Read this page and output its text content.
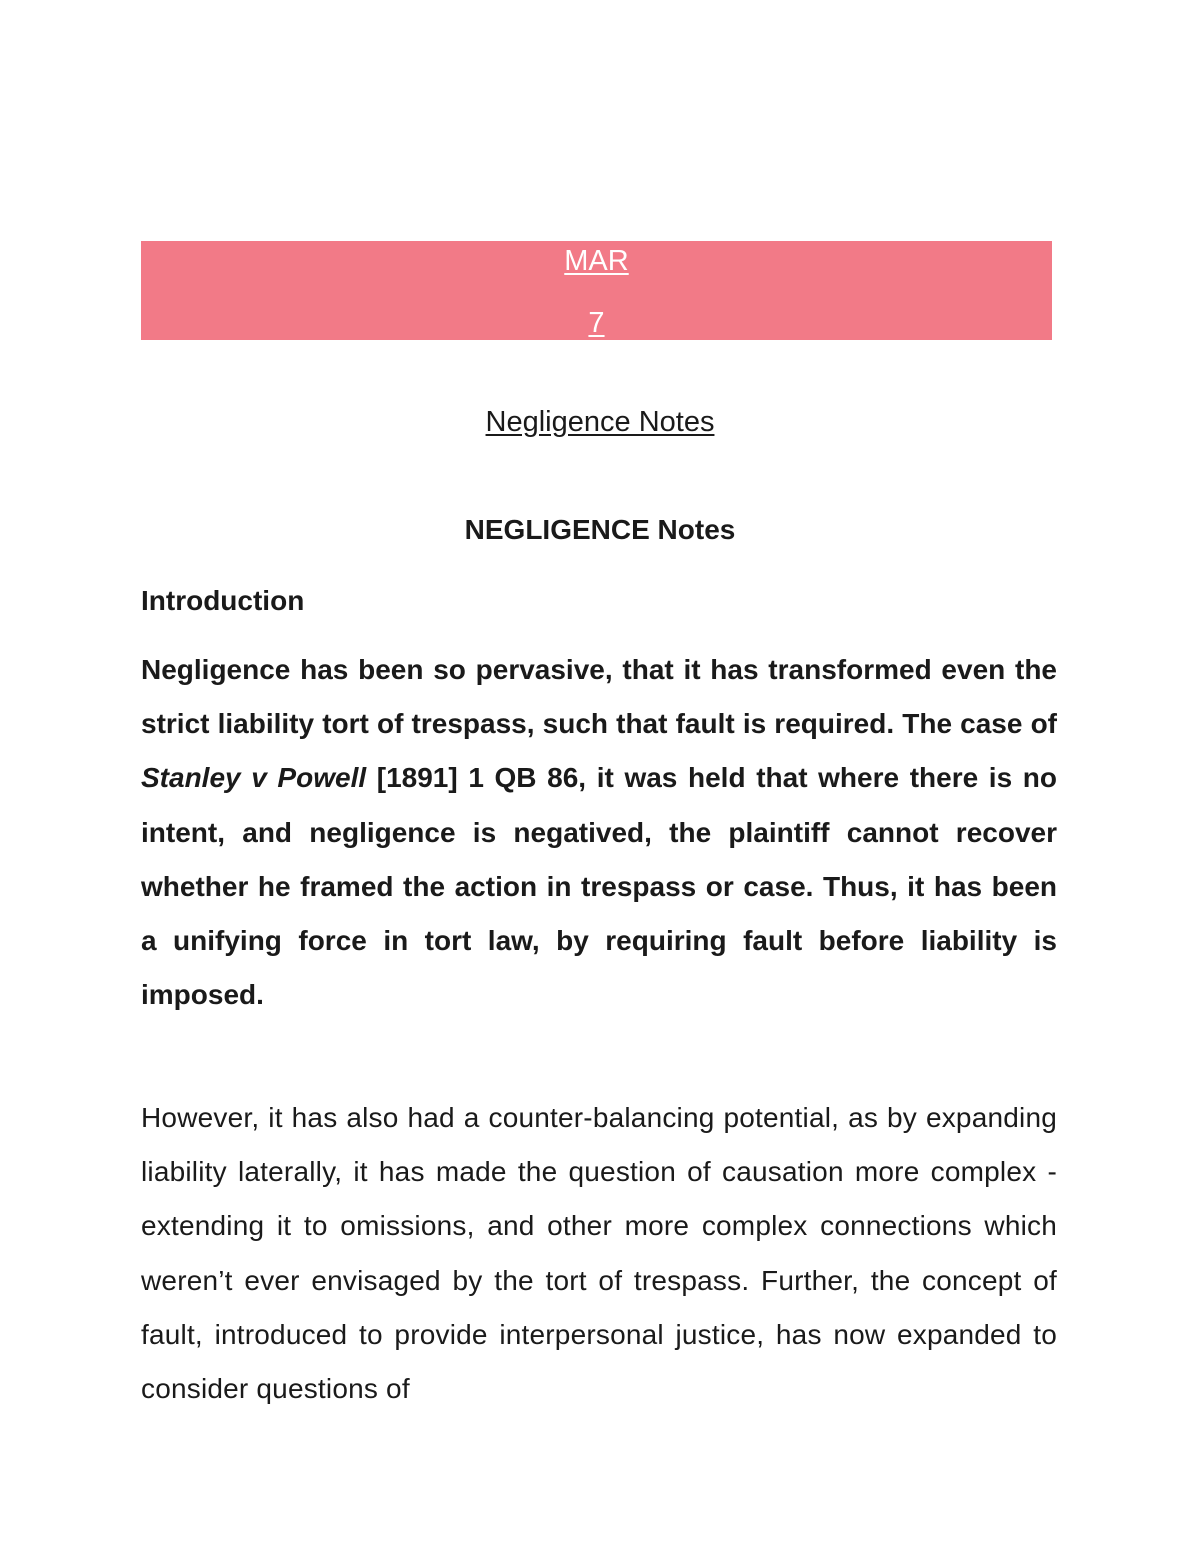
MAR
7
Negligence Notes
NEGLIGENCE Notes
Introduction

Negligence has been so pervasive, that it has transformed even the strict liability tort of trespass, such that fault is required. The case of Stanley v Powell [1891] 1 QB 86, it was held that where there is no intent, and negligence is negatived, the plaintiff cannot recover whether he framed the action in trespass or case. Thus, it has been a unifying force in tort law, by requiring fault before liability is imposed.

However, it has also had a counter-balancing potential, as by expanding liability laterally, it has made the question of causation more complex - extending it to omissions, and other more complex connections which weren’t ever envisaged by the tort of trespass. Further, the concept of fault, introduced to provide interpersonal justice, has now expanded to consider questions of
